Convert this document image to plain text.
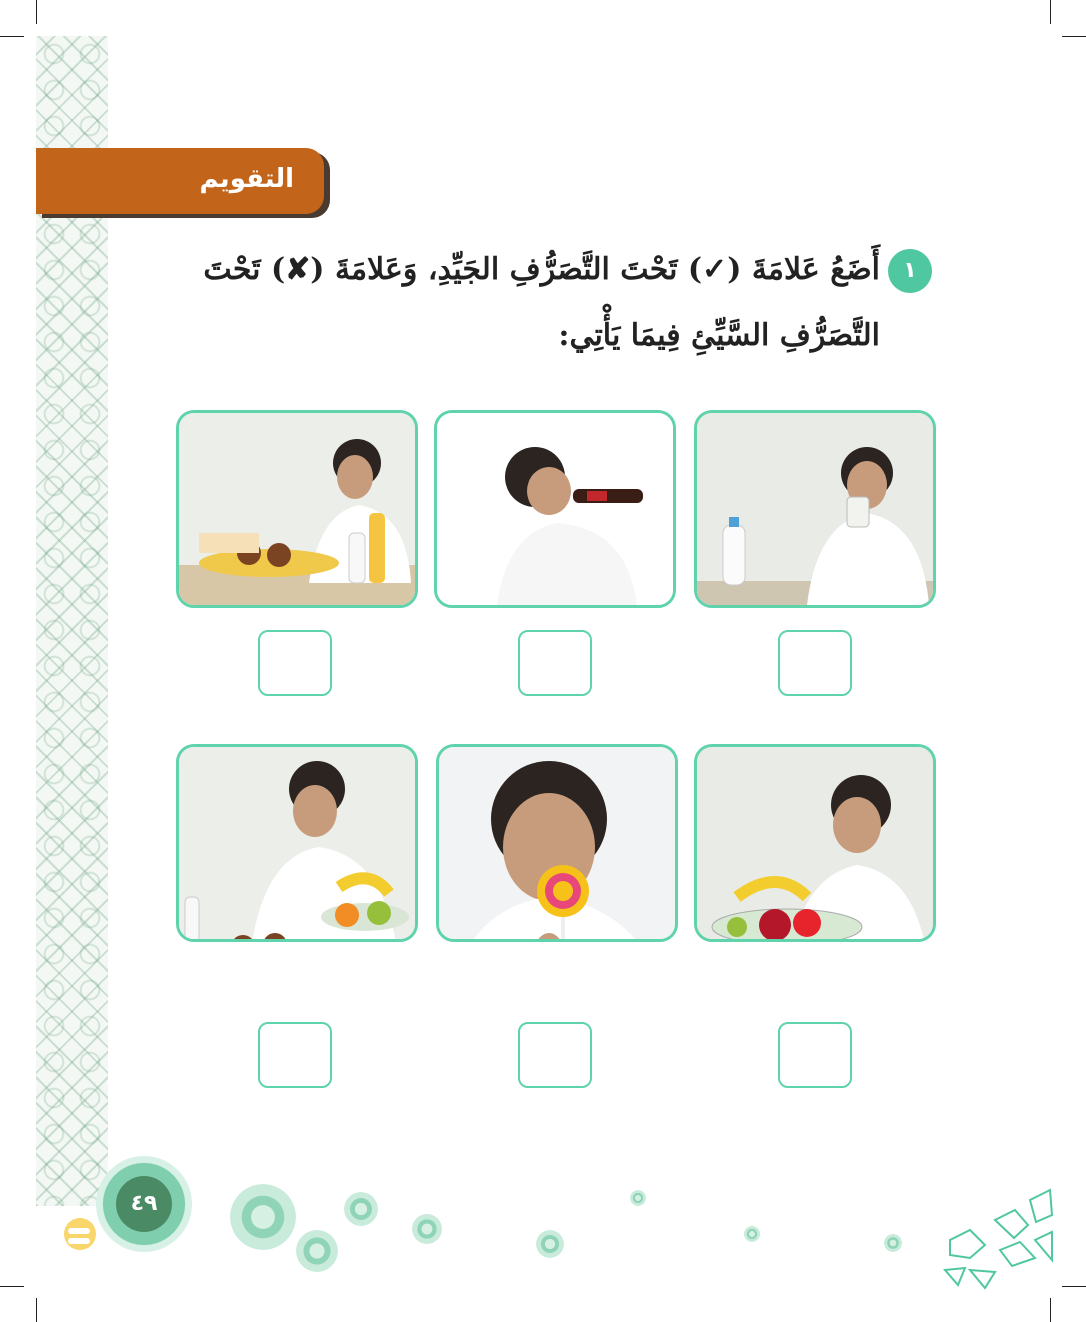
التقويم
١
أَضَعُ عَلامَةَ (✓) تَحْتَ التَّصَرُّفِ الجَيِّدِ، وَعَلامَةَ (✘) تَحْتَ
التَّصَرُّفِ السَّيِّئِ فِيمَا يَأْتِي:
٤٩
